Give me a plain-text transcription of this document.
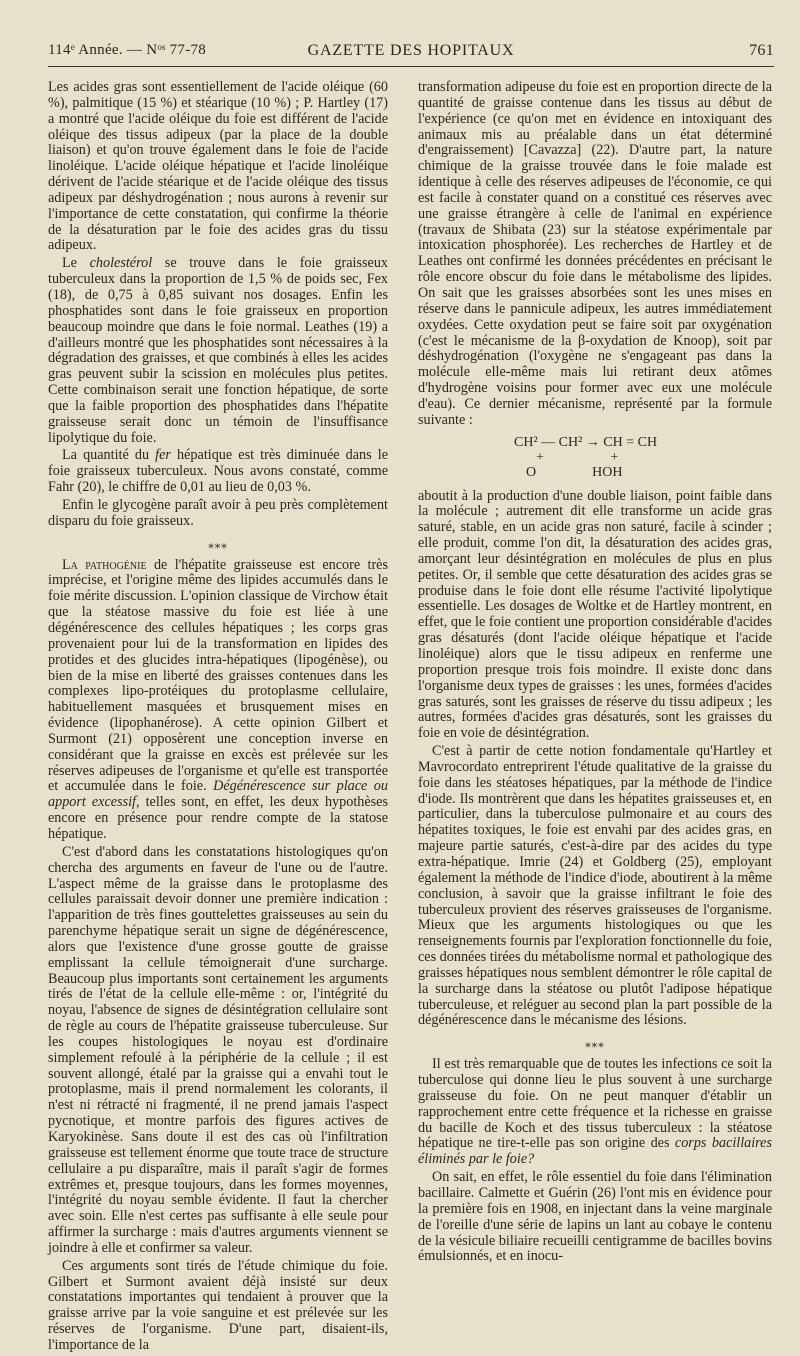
114ᵉ Année. — Nᵒˢ 77-78	GAZETTE DES HOPITAUX	761

Les acides gras sont essentiellement de l'acide oléique (60 %), palmitique (15 %) et stéarique (10 %) ; P. Hartley (17) a montré que l'acide oléique du foie est différent de l'acide oléique des tissus adipeux (par la place de la double liaison) et qu'on trouve également dans le foie de l'acide linoléique. L'acide oléique hépatique et l'acide linoléique dérivent de l'acide stéarique et de l'acide oléique des tissus adipeux par déshydrogénation ; nous aurons à revenir sur l'importance de cette constatation, qui confirme la théorie de la désaturation par le foie des acides gras du tissu adipeux.

Le cholestérol se trouve dans le foie graisseux tuberculeux dans la proportion de 1,5 % de poids sec, Fex (18), de 0,75 à 0,85 suivant nos dosages. Enfin les phosphatides sont dans le foie graisseux en proportion beaucoup moindre que dans le foie normal. Leathes (19) a d'ailleurs montré que les phosphatides sont nécessaires à la dégradation des graisses, et que combinés à elles les acides gras peuvent subir la scission en molécules plus petites. Cette combinaison serait une fonction hépatique, de sorte que la faible proportion des phosphatides dans l'hépatite graisseuse serait donc un témoin de l'insuffisance lipolytique du foie.

La quantité du fer hépatique est très diminuée dans le foie graisseux tuberculeux. Nous avons constaté, comme Fahr (20), le chiffre de 0,01 au lieu de 0,03 %.

Enfin le glycogène paraît avoir à peu près complètement disparu du foie graisseux.

⁎⁎⁎

La pathogénie de l'hépatite graisseuse est encore très imprécise, et l'origine même des lipides accumulés dans le foie mérite discussion. L'opinion classique de Virchow était que la stéatose massive du foie est liée à une dégénérescence des cellules hépatiques ; les corps gras provenaient pour lui de la transformation en lipides des protides et des glucides intra-hépatiques (lipogénèse), ou bien de la mise en liberté des graisses contenues dans les complexes lipo-protéiques du protoplasme cellulaire, habituellement masquées et brusquement mises en évidence (lipophanérose). A cette opinion Gilbert et Surmont (21) opposèrent une conception inverse en considérant que la graisse en excès est prélevée sur les réserves adipeuses de l'organisme et qu'elle est transportée et accumulée dans le foie. Dégénérescence sur place ou apport excessif, telles sont, en effet, les deux hypothèses encore en présence pour rendre compte de la statose hépatique.

C'est d'abord dans les constatations histologiques qu'on chercha des arguments en faveur de l'une ou de l'autre. L'aspect même de la graisse dans le protoplasme des cellules paraissait devoir donner une première indication : l'apparition de très fines gouttelettes graisseuses au sein du parenchyme hépatique serait un signe de dégénérescence, alors que l'existence d'une grosse goutte de graisse emplissant la cellule témoignerait d'une surcharge. Beaucoup plus importants sont certainement les arguments tirés de l'état de la cellule elle-même : or, l'intégrité du noyau, l'absence de signes de désintégration cellulaire sont de règle au cours de l'hépatite graisseuse tuberculeuse. Sur les coupes histologiques le noyau est d'ordinaire simplement refoulé à la périphérie de la cellule ; il est souvent allongé, étalé par la graisse qui a envahi tout le protoplasme, mais il prend normalement les colorants, il n'est ni rétracté ni fragmenté, il ne prend jamais l'aspect pycnotique, et montre parfois des figures actives de Karyokinèse. Sans doute il est des cas où l'infiltration graisseuse est tellement énorme que toute trace de structure cellulaire a pu disparaître, mais il paraît s'agir de formes extrêmes et, presque toujours, dans les formes moyennes, l'intégrité du noyau semble évidente. Il faut la chercher avec soin. Elle n'est certes pas suffisante à elle seule pour affirmer la surcharge : mais d'autres arguments viennent se joindre à elle et confirmer sa valeur.

Ces arguments sont tirés de l'étude chimique du foie. Gilbert et Surmont avaient déjà insisté sur deux constatations importantes qui tendaient à prouver que la graisse arrive par la voie sanguine et est prélevée sur les réserves de l'organisme. D'une part, disaient-ils, l'importance de la

transformation adipeuse du foie est en proportion directe de la quantité de graisse contenue dans les tissus au début de l'expérience (ce qu'on met en évidence en intoxiquant des animaux mis au préalable dans un état déterminé d'engraissement) [Cavazza] (22). D'autre part, la nature chimique de la graisse trouvée dans le foie malade est identique à celle des réserves adipeuses de l'économie, ce qui est facile à constater quand on a constitué ces réserves avec une graisse étrangère à celle de l'animal en expérience (travaux de Shibata (23) sur la stéatose expérimentale par intoxication phosphorée). Les recherches de Hartley et de Leathes ont confirmé les données précédentes en précisant le rôle encore obscur du foie dans le métabolisme des lipides. On sait que les graisses absorbées sont les unes mises en réserve dans le pannicule adipeux, les autres immédiatement oxydées. Cette oxydation peut se faire soit par oxygénation (c'est le mécanisme de la β-oxydation de Knoop), soit par déshydrogénation (l'oxygène ne s'engageant pas dans la molécule elle-même mais lui retirant deux atômes d'hydrogène voisins pour former avec eux une molécule d'eau). Ce dernier mécanisme, représenté par la formule suivante :

CH² — CH² → CH = CH
+                   +
O                HOH

aboutit à la production d'une double liaison, point faible dans la molécule ; autrement dit elle transforme un acide gras saturé, stable, en un acide gras non saturé, facile à scinder ; elle produit, comme l'on dit, la désaturation des acides gras, amorçant leur désintégration en molécules de plus en plus petites. Or, il semble que cette désaturation des acides gras se produise dans le foie dont elle résume l'activité lipolytique essentielle. Les dosages de Woltke et de Hartley montrent, en effet, que le foie contient une proportion considérable d'acides gras désaturés (dont l'acide oléique hépatique et l'acide linoléique) alors que le tissu adipeux en renferme une proportion presque trois fois moindre. Il existe donc dans l'organisme deux types de graisses : les unes, formées d'acides gras saturés, sont les graisses de réserve du tissu adipeux ; les autres, formées d'acides gras désaturés, sont les graisses du foie en voie de désintégration.

C'est à partir de cette notion fondamentale qu'Hartley et Mavrocordato entreprirent l'étude qualitative de la graisse du foie dans les stéatoses hépatiques, par la méthode de l'indice d'iode. Ils montrèrent que dans les hépatites graisseuses et, en particulier, dans la tuberculose pulmonaire et au cours des hépatites toxiques, le foie est envahi par des acides gras, en majeure partie saturés, c'est-à-dire par des acides du type extra-hépatique. Imrie (24) et Goldberg (25), employant également la méthode de l'indice d'iode, aboutirent à la même conclusion, à savoir que la graisse infiltrant le foie des tuberculeux provient des réserves graisseuses de l'organisme. Mieux que les arguments histologiques ou que les renseignements fournis par l'exploration fonctionnelle du foie, ces données tirées du métabolisme normal et pathologique des graisses hépatiques nous semblent démontrer le rôle capital de la surcharge dans la stéatose ou plutôt l'adipose hépatique tuberculeuse, et reléguer au second plan la part possible de la dégénérescence dans le mécanisme des lésions.

⁎⁎⁎

Il est très remarquable que de toutes les infections ce soit la tuberculose qui donne lieu le plus souvent à une surcharge graisseuse du foie. On ne peut manquer d'établir un rapprochement entre cette fréquence et la richesse en graisse du bacille de Koch et des tissus tuberculeux : la stéatose hépatique ne tire-t-elle pas son origine des corps bacillaires éliminés par le foie?

On sait, en effet, le rôle essentiel du foie dans l'élimination bacillaire. Calmette et Guérin (26) l'ont mis en évidence pour la première fois en 1908, en injectant dans la veine marginale de l'oreille d'une série de lapins un lant au cobaye le contenu de la vésicule biliaire recueilli centigramme de bacilles bovins émulsionnés, et en inocu-
